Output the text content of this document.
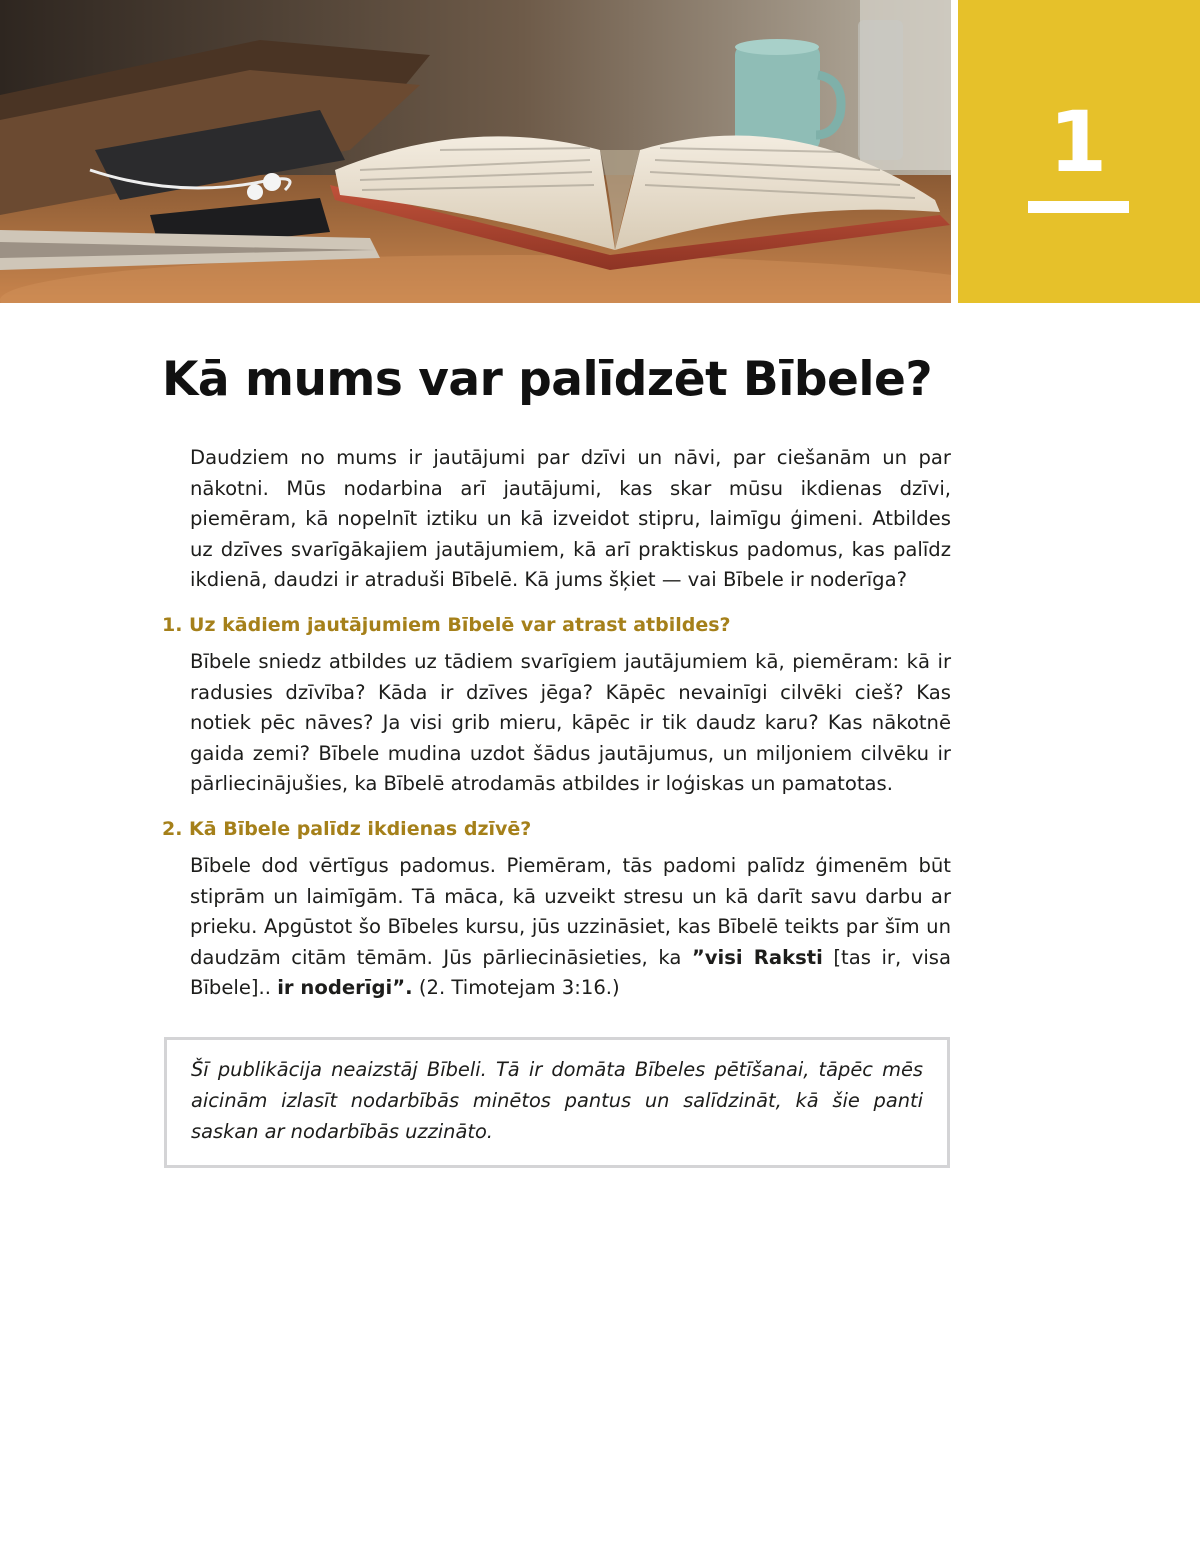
1
Kā mums var palīdzēt Bībele?

Daudziem no mums ir jautājumi par dzīvi un nāvi, par ciešanām un par nākotni. Mūs nodarbina arī jautājumi, kas skar mūsu ikdienas dzīvi, piemēram, kā nopelnīt iztiku un kā izveidot stipru, laimīgu ģimeni. Atbildes uz dzīves svarīgākajiem jautājumiem, kā arī praktiskus padomus, kas palīdz ikdienā, daudzi ir atraduši Bībelē. Kā jums šķiet — vai Bībele ir noderīga?

1. Uz kādiem jautājumiem Bībelē var atrast atbildes?

Bībele sniedz atbildes uz tādiem svarīgiem jautājumiem kā, piemēram: kā ir radusies dzīvība? Kāda ir dzīves jēga? Kāpēc nevainīgi cilvēki cieš? Kas notiek pēc nāves? Ja visi grib mieru, kāpēc ir tik daudz karu? Kas nākotnē gaida zemi? Bībele mudina uzdot šādus jautājumus, un miljoniem cilvēku ir pārliecinājušies, ka Bībelē atrodamās atbildes ir loģiskas un pamatotas.

2. Kā Bībele palīdz ikdienas dzīvē?

Bībele dod vērtīgus padomus. Piemēram, tās padomi palīdz ģimenēm būt stiprām un laimīgām. Tā māca, kā uzveikt stresu un kā darīt savu darbu ar prieku. Apgūstot šo Bībeles kursu, jūs uzzināsiet, kas Bībelē teikts par šīm un daudzām citām tēmām. Jūs pārliecināsieties, ka ”visi Raksti [tas ir, visa Bībele].. ir noderīgi”. (2. Timotejam 3:16.)

Šī publikācija neaizstāj Bībeli. Tā ir domāta Bībeles pētīšanai, tāpēc mēs aicinām izlasīt nodarbībās minētos pantus un salīdzināt, kā šie panti saskan ar nodarbībās uzzināto.
